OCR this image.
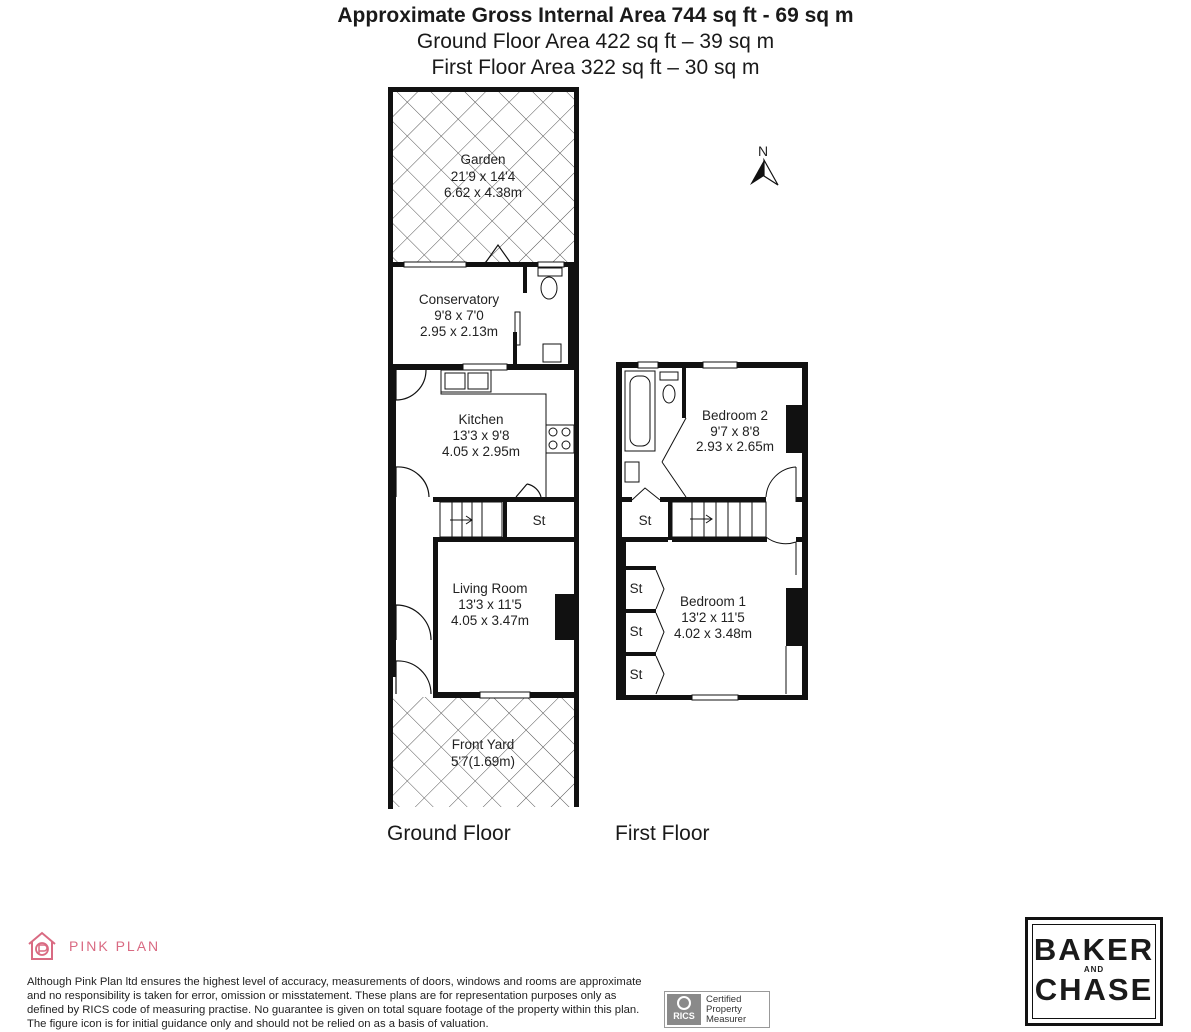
Approximate Gross Internal Area 744 sq ft - 69 sq m
Ground Floor Area 422 sq ft – 39 sq m
First Floor Area 322 sq ft – 30 sq m
Garden
21'9 x 14'4
6.62 x 4.38m
Conservatory
9'8 x 7'0
2.95 x 2.13m
Kitchen
13'3 x 9'8
4.05 x 2.95m
Living Room
13'3 x 11'5
4.05 x 3.47m
Front Yard
5'7(1.69m)
St
Bedroom 2
9'7 x 8'8
2.93 x 2.65m
Bedroom 1
13'2 x 11'5
4.02 x 3.48m
St
St
St
St
N
Ground Floor	First Floor
PINK PLAN
Although Pink Plan ltd ensures the highest level of accuracy, measurements of doors, windows and rooms are approximate and no responsibility is taken for error, omission or misstatement. These plans are for representation purposes only as defined by RICS code of measuring practise. No guarantee is given on total square footage of the property within this plan. The figure icon is for initial guidance only and should not be relied on as a basis of valuation.
RICS
Certified
Property
Measurer
BAKER
AND
CHASE
